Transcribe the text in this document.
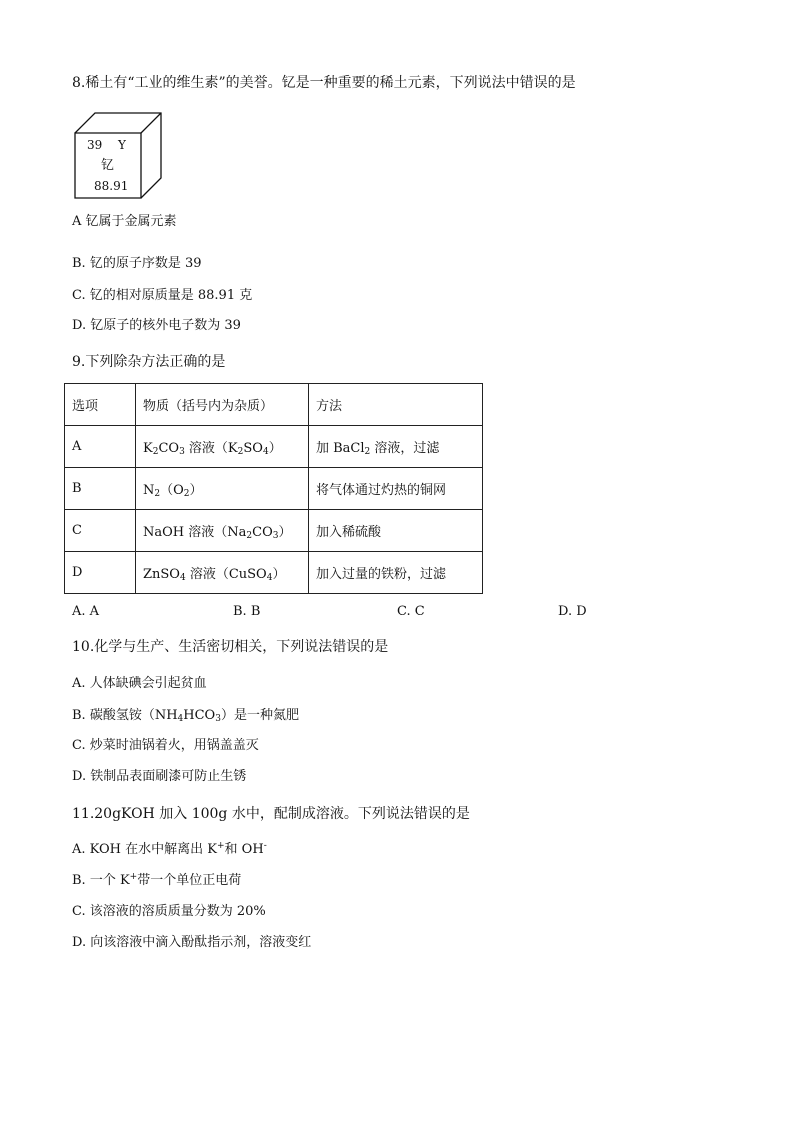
8.稀土有“工业的维生素”的美誉。钇是一种重要的稀土元素，下列说法中错误的是
39 Y
钇
88.91
A 钇属于金属元素
B. 钇的原子序数是 39
C. 钇的相对原质量是 88.91 克
D. 钇原子的核外电子数为 39
9.下列除杂方法正确的是
选项	物质（括号内为杂质）	方法
A	$K_2CO_3$ 溶液$(K_2SO_4)$	加 BaCl$_2$ 溶液，过滤
B	$N_2(O_2)$	将气体通过灼热的铜网
C	NaOH 溶液$(Na_2CO_3)$	加入稀硫酸
D	ZnSO$_4$ 溶液（CuSO$_4$）	加入过量的铁粉，过滤
A. A	B. B	C. C	D. D
10.化学与生产、生活密切相关，下列说法错误的是
A. 人体缺碘会引起贫血
B. 碳酸氢铵$(NH_4HCO_3)$是一种氮肥
C. 炒菜时油锅着火，用锅盖盖灭
D. 铁制品表面刷漆可防止生锈
11.20gKOH 加入 100g 水中，配制成溶液。下列说法错误的是
A. KOH 在水中解离出 K+和 OH-
B. 一个 K+带一个单位正电荷
C. 该溶液的溶质质量分数为 20%
D. 向该溶液中滴入酚酞指示剂，溶液变红
